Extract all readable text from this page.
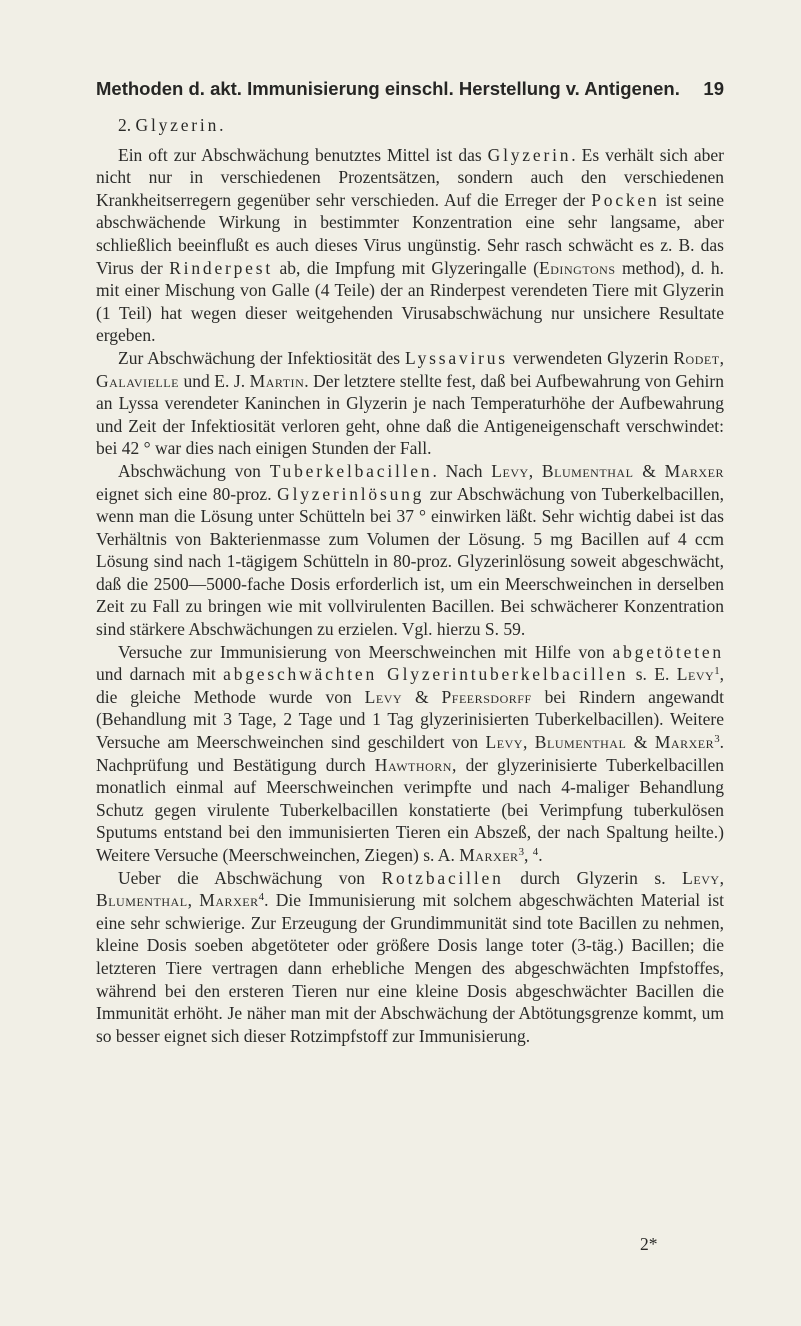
Methoden d. akt. Immunisierung einschl. Herstellung v. Antigenen. 19
2. Glyzerin.

Ein oft zur Abschwächung benutztes Mittel ist das Glyzerin. Es verhält sich aber nicht nur in verschiedenen Prozentsätzen, sondern auch den verschiedenen Krankheitserregern gegenüber sehr verschieden. Auf die Erreger der Pocken ist seine abschwächende Wirkung in bestimmter Konzentration eine sehr langsame, aber schließlich beeinflußt es auch dieses Virus ungünstig. Sehr rasch schwächt es z. B. das Virus der Rinderpest ab, die Impfung mit Glyzeringalle (Edingtons method), d. h. mit einer Mischung von Galle (4 Teile) der an Rinderpest verendeten Tiere mit Glyzerin (1 Teil) hat wegen dieser weitgehenden Virusabschwächung nur unsichere Resultate ergeben.

Zur Abschwächung der Infektiosität des Lyssavirus verwendeten Glyzerin Rodet, Galavielle und E. J. Martin. Der letztere stellte fest, daß bei Aufbewahrung von Gehirn an Lyssa verendeter Kaninchen in Glyzerin je nach Temperaturhöhe der Aufbewahrung und Zeit der Infektiosität verloren geht, ohne daß die Antigeneigenschaft verschwindet: bei 42 ° war dies nach einigen Stunden der Fall.

Abschwächung von Tuberkelbacillen. Nach Levy, Blumenthal & Marxer eignet sich eine 80-proz. Glyzerinlösung zur Abschwächung von Tuberkelbacillen, wenn man die Lösung unter Schütteln bei 37 ° einwirken läßt. Sehr wichtig dabei ist das Verhältnis von Bakterienmasse zum Volumen der Lösung. 5 mg Bacillen auf 4 ccm Lösung sind nach 1-tägigem Schütteln in 80-proz. Glyzerinlösung soweit abgeschwächt, daß die 2500—5000-fache Dosis erforderlich ist, um ein Meerschweinchen in derselben Zeit zu Fall zu bringen wie mit vollvirulenten Bacillen. Bei schwächerer Konzentration sind stärkere Abschwächungen zu erzielen. Vgl. hierzu S. 59.

Versuche zur Immunisierung von Meerschweinchen mit Hilfe von abgetöteten und darnach mit abgeschwächten Glyzerintuberkelbacillen s. E. Levy$^1$, die gleiche Methode wurde von Levy & Pfeersdorff bei Rindern angewandt (Behandlung mit 3 Tage, 2 Tage und 1 Tag glyzerinisierten Tuberkelbacillen). Weitere Versuche am Meerschweinchen sind geschildert von Levy, Blumenthal & Marxer$^3$. Nachprüfung und Bestätigung durch Hawthorn, der glyzerinisierte Tuberkelbacillen monatlich einmal auf Meerschweinchen verimpfte und nach 4-maliger Behandlung Schutz gegen virulente Tuberkelbacillen konstatierte (bei Verimpfung tuberkulösen Sputums entstand bei den immunisierten Tieren ein Abszeß, der nach Spaltung heilte.) Weitere Versuche (Meerschweinchen, Ziegen) s. A. Marxer$^3$, $^4$.

Ueber die Abschwächung von Rotzbacillen durch Glyzerin s. Levy, Blumenthal, Marxer$^4$. Die Immunisierung mit solchem abgeschwächten Material ist eine sehr schwierige. Zur Erzeugung der Grundimmunität sind tote Bacillen zu nehmen, kleine Dosis soeben abgetöteter oder größere Dosis lange toter (3-täg.) Bacillen; die letzteren Tiere vertragen dann erhebliche Mengen des abgeschwächten Impfstoffes, während bei den ersteren Tieren nur eine kleine Dosis abgeschwächter Bacillen die Immunität erhöht. Je näher man mit der Abschwächung der Abtötungsgrenze kommt, um so besser eignet sich dieser Rotzimpfstoff zur Immunisierung.

2*
